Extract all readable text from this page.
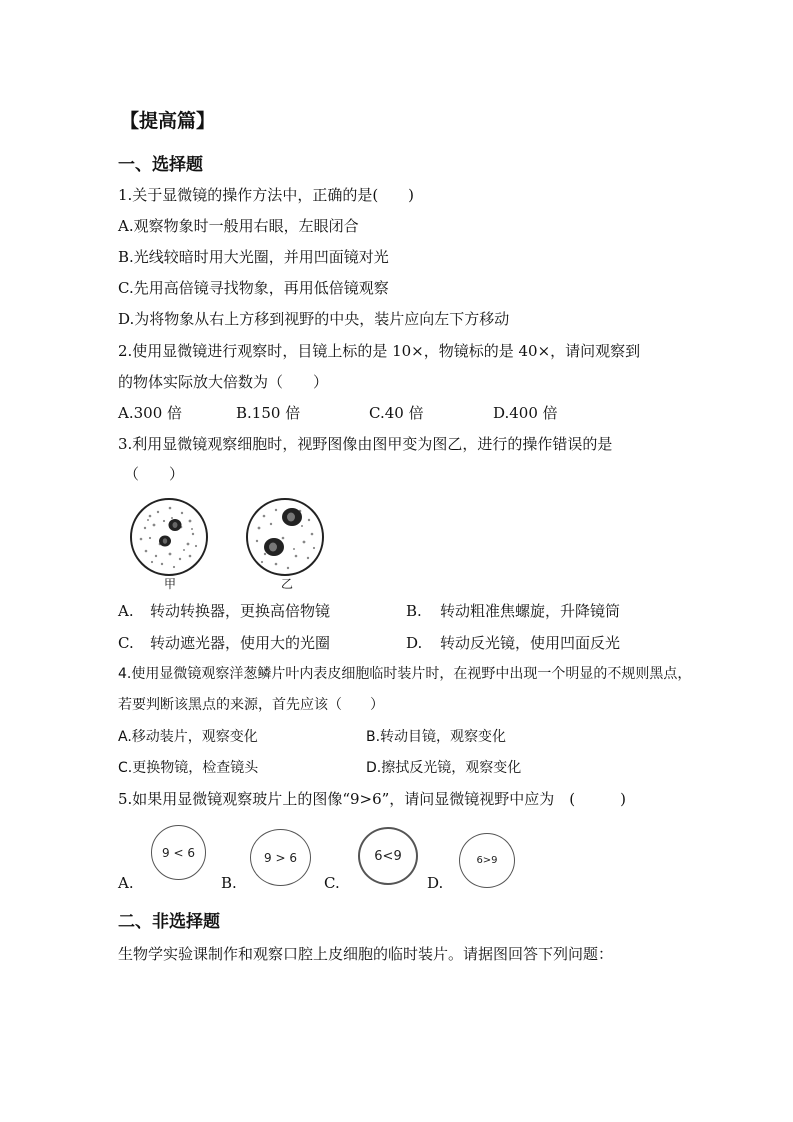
【提高篇】
一、选择题
1.关于显微镜的操作方法中，正确的是(　　)
A.观察物象时一般用右眼，左眼闭合
B.光线较暗时用大光圈，并用凹面镜对光
C.先用高倍镜寻找物象，再用低倍镜观察
D.为将物象从右上方移到视野的中央，装片应向左下方移动
2.使用显微镜进行观察时，目镜上标的是 10×，物镜标的是 40×，请问观察到
的物体实际放大倍数为（　　）
A.300 倍	B.150 倍	C.40 倍	D.400 倍
3.利用显微镜观察细胞时，视野图像由图甲变为图乙，进行的操作错误的是
（　　）
甲	乙
A. 转动转换器，更换高倍物镜	B. 转动粗准焦螺旋，升降镜筒
C. 转动遮光器，使用大的光圈	D. 转动反光镜，使用凹面反光
4.使用显微镜观察洋葱鳞片叶内表皮细胞临时装片时，在视野中出现一个明显的不规则黑点，
若要判断该黑点的来源，首先应该（　　）
A.移动装片，观察变化	B.转动目镜，观察变化
C.更换物镜，检查镜头	D.擦拭反光镜，观察变化
5.如果用显微镜观察玻片上的图像“9>6”，请问显微镜视野中应为　(　　　)
A.
9 < 6
B.
9 > 6
C.
6<9
D.
6>9
二、非选择题
生物学实验课制作和观察口腔上皮细胞的临时装片。请据图回答下列问题：
